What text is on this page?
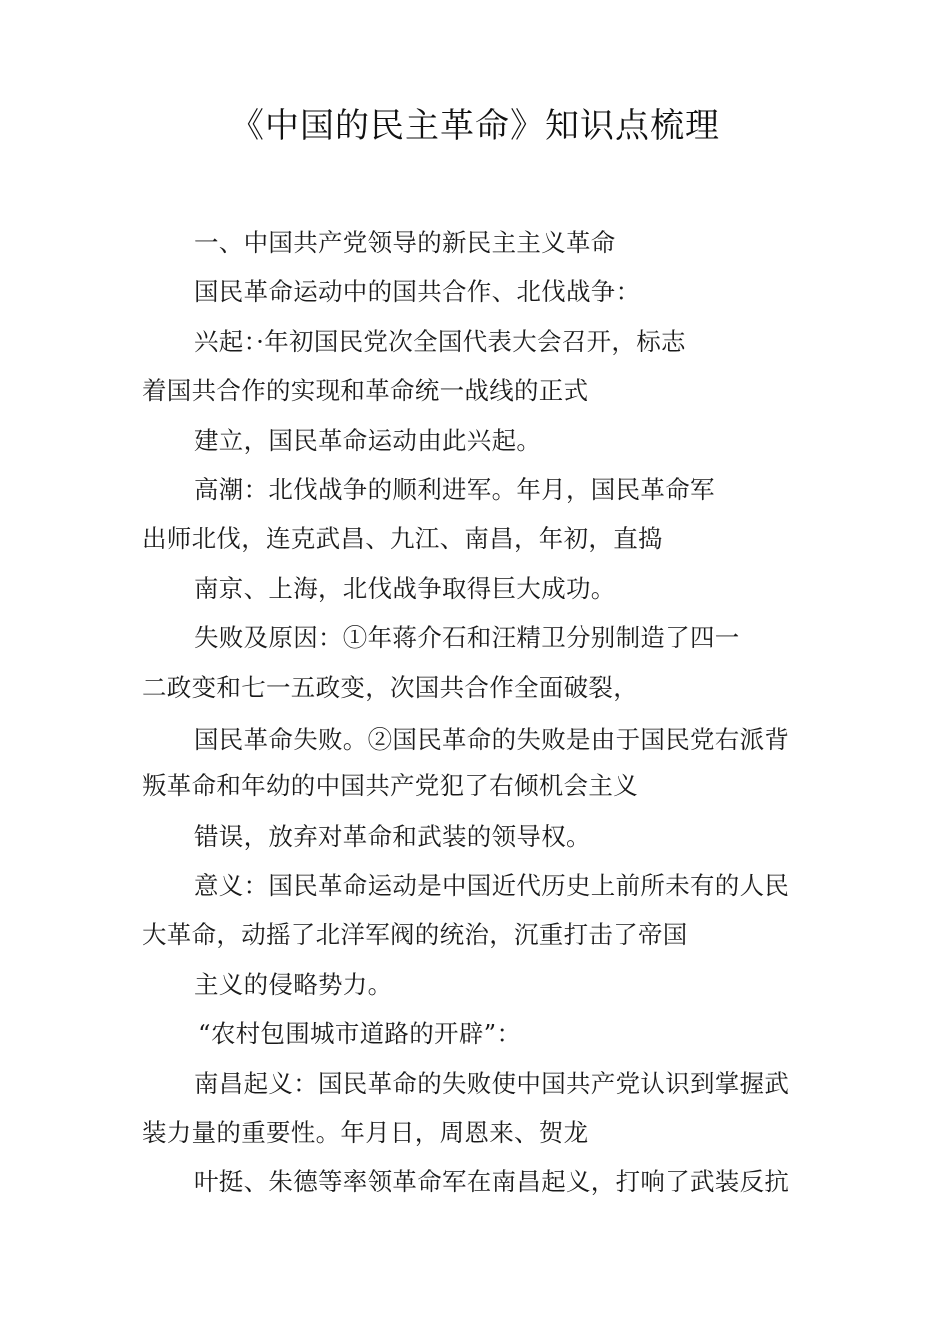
《中国的民主革命》知识点梳理
一、中国共产党领导的新民主主义革命
国民革命运动中的国共合作、北伐战争：
兴起：·年初国民党次全国代表大会召开，标志
着国共合作的实现和革命统一战线的正式
建立，国民革命运动由此兴起。
高潮：北伐战争的顺利进军。年月，国民革命军
出师北伐，连克武昌、九江、南昌，年初，直捣
南京、上海，北伐战争取得巨大成功。
失败及原因：①年蒋介石和汪精卫分别制造了四一
二政变和七一五政变，次国共合作全面破裂，
国民革命失败。②国民革命的失败是由于国民党右派背
叛革命和年幼的中国共产党犯了右倾机会主义
错误，放弃对革命和武装的领导权。
意义：国民革命运动是中国近代历史上前所未有的人民
大革命，动摇了北洋军阀的统治，沉重打击了帝国
主义的侵略势力。
“农村包围城市道路的开辟”：
南昌起义：国民革命的失败使中国共产党认识到掌握武
装力量的重要性。年月日，周恩来、贺龙
叶挺、朱德等率领革命军在南昌起义，打响了武装反抗
